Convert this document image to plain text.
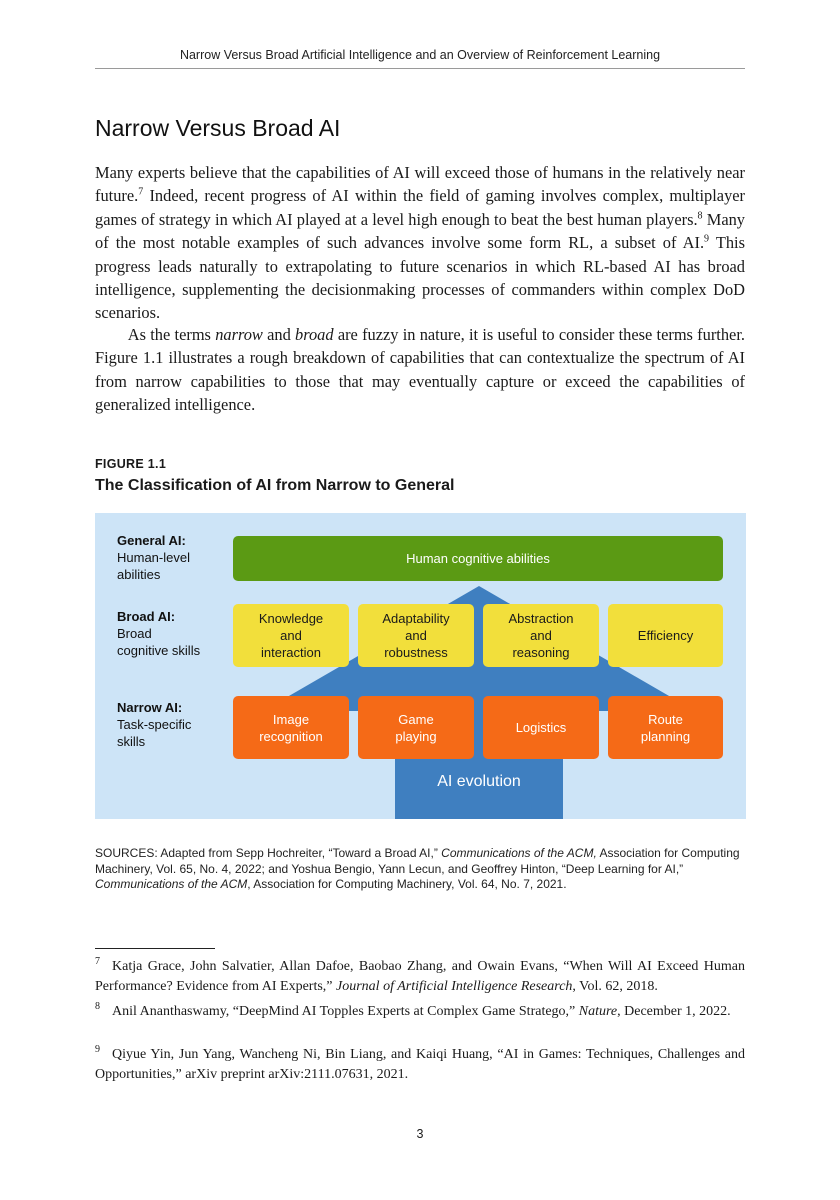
Narrow Versus Broad Artificial Intelligence and an Overview of Reinforcement Learning
Narrow Versus Broad AI

Many experts believe that the capabilities of AI will exceed those of humans in the relatively near future.$^7$ Indeed, recent progress of AI within the field of gaming involves complex, multiplayer games of strategy in which AI played at a level high enough to beat the best human players.$^8$ Many of the most notable examples of such advances involve some form RL, a subset of AI.$^9$ This progress leads naturally to extrapolating to future scenarios in which RL-based AI has broad intelligence, supplementing the decisionmaking processes of commanders within complex DoD scenarios.

As the terms narrow and broad are fuzzy in nature, it is useful to consider these terms further. Figure 1.1 illustrates a rough breakdown of capabilities that can contextualize the spectrum of AI from narrow capabilities to those that may eventually capture or exceed the capabilities of generalized intelligence.

FIGURE 1.1
The Classification of AI from Narrow to General
General AI:
Human-level
abilities
Broad AI:
Broad
cognitive skills
Narrow AI:
Task-specific
skills
Human cognitive abilities
Knowledge
and
interaction
Adaptability
and
robustness
Abstraction
and
reasoning
Efficiency
Image
recognition
Game
playing
Logistics
Route
planning
AI evolution

SOURCES: Adapted from Sepp Hochreiter, “Toward a Broad AI,” Communications of the ACM, Association for Computing Machinery, Vol. 65, No. 4, 2022; and Yoshua Bengio, Yann Lecun, and Geoffrey Hinton, “Deep Learning for AI,” Communications of the ACM, Association for Computing Machinery, Vol. 64, No. 7, 2021.

$^7$ Katja Grace, John Salvatier, Allan Dafoe, Baobao Zhang, and Owain Evans, “When Will AI Exceed Human Performance? Evidence from AI Experts,” Journal of Artificial Intelligence Research, Vol. 62, 2018.

$^8$ Anil Ananthaswamy, “DeepMind AI Topples Experts at Complex Game Stratego,” Nature, December 1, 2022.

$^9$ Qiyue Yin, Jun Yang, Wancheng Ni, Bin Liang, and Kaiqi Huang, “AI in Games: Techniques, Challenges and Opportunities,” arXiv preprint arXiv:2111.07631, 2021.

3
